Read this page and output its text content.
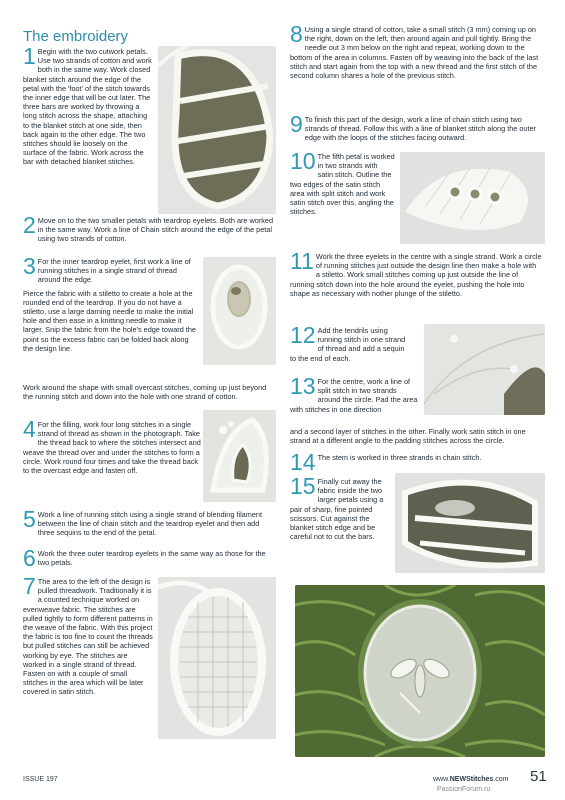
The embroidery
1 Begin with the two cutwork petals. Use two strands of cotton and work both in the same way. Work closed blanket stitch around the edge of the petal with the 'foot' of the stitch towards the inner edge that will be cut later. The three bars are worked by throwing a long stitch across the shape, attaching to the blanket stitch at one side, then back again to the other edge. The two stitches should lie loosely on the surface of the fabric. Work across the bar with detached blanket stitches.

2 Move on to the two smaller petals with teardrop eyelets. Both are worked in the same way. Work a line of Chain stitch around the edge of the petal using two strands of cotton.

3 For the inner teardrop eyelet, first work a line of running stitches in a single strand of thread around the edge.

Pierce the fabric with a stiletto to create a hole at the rounded end of the teardrop. If you do not have a stiletto, use a large darning needle to make the initial hole and then ease in a knitting needle to make it larger. Snip the fabric from the hole's edge toward the point so the excess fabric can be folded back along the design line.

Work around the shape with small overcast stitches, coming up just beyond the running stitch and down into the hole with one strand of cotton.

4 For the filling, work four long stitches in a single strand of thread as shown in the photograph. Take the thread back to where the stitches intersect and weave the thread over and under the stitches to form a circle. Work round four times and take the thread back to the overcast edge and fasten off.

5 Work a line of running stitch using a single strand of blending filament between the line of chain stitch and the teardrop eyelet and then add three sequins to the end of the petal.

6 Work the three outer teardrop eyelets in the same way as those for the two petals.

7 The area to the left of the design is pulled threadwork. Traditionally it is a counted technique worked on evenweave fabric. The stitches are pulled tightly to form different patterns in the weave of the fabric. With this project the fabric is too fine to count the threads but pulled stitches can still be achieved working by eye. The stitches are worked in a single strand of thread. Fasten on with a couple of small stitches in the area which will be later covered in satin stitch.

8 Using a single strand of cotton, take a small stitch (3 mm) coming up on the right, down on the left, then around again and pull tightly. Bring the needle out 3 mm below on the right and repeat, working down to the bottom of the area in columns. Fasten off by weaving into the back of the last stitch and start again from the top with a new thread and the first stitch of the second column shares a hole of the previous stitch.

9 To finish this part of the design, work a line of chain stitch using two strands of thread. Follow this with a line of blanket stitch along the outer edge with the loops of the stitches facing outward.

10 The fifth petal is worked in two strands with satin stitch. Outline the two edges of the satin stitch area with split stitch and work satin stitch over this, angling the stitches.

11 Work the three eyelets in the centre with a single strand. Work a circle of running stitches just outside the design line then make a hole with a stiletto. Work small stitches coming up just outside the line of running stitch down into the hole around the eyelet, pushing the hole into shape as necessary with nother plunge of the stiletto.

12 Add the tendrils using running stitch in one strand of thread and add a sequin to the end of each.

13 For the centre, work a line of split stitch in two strands around the circle. Pad the area with stitches in one direction

and a second layer of stitches in the other. Finally work satin stitch in one strand at a different angle to the padding stitches across the circle.

14 The stem is worked in three strands in chain stitch.

15 Finally cut away the fabric inside the two larger petals using a pair of sharp, fine pointed scissors. Cut against the blanket stitch edge and be careful not to cut the bars.

ISSUE 197	www.NEWStitches.com 51
PassionForum.ru
